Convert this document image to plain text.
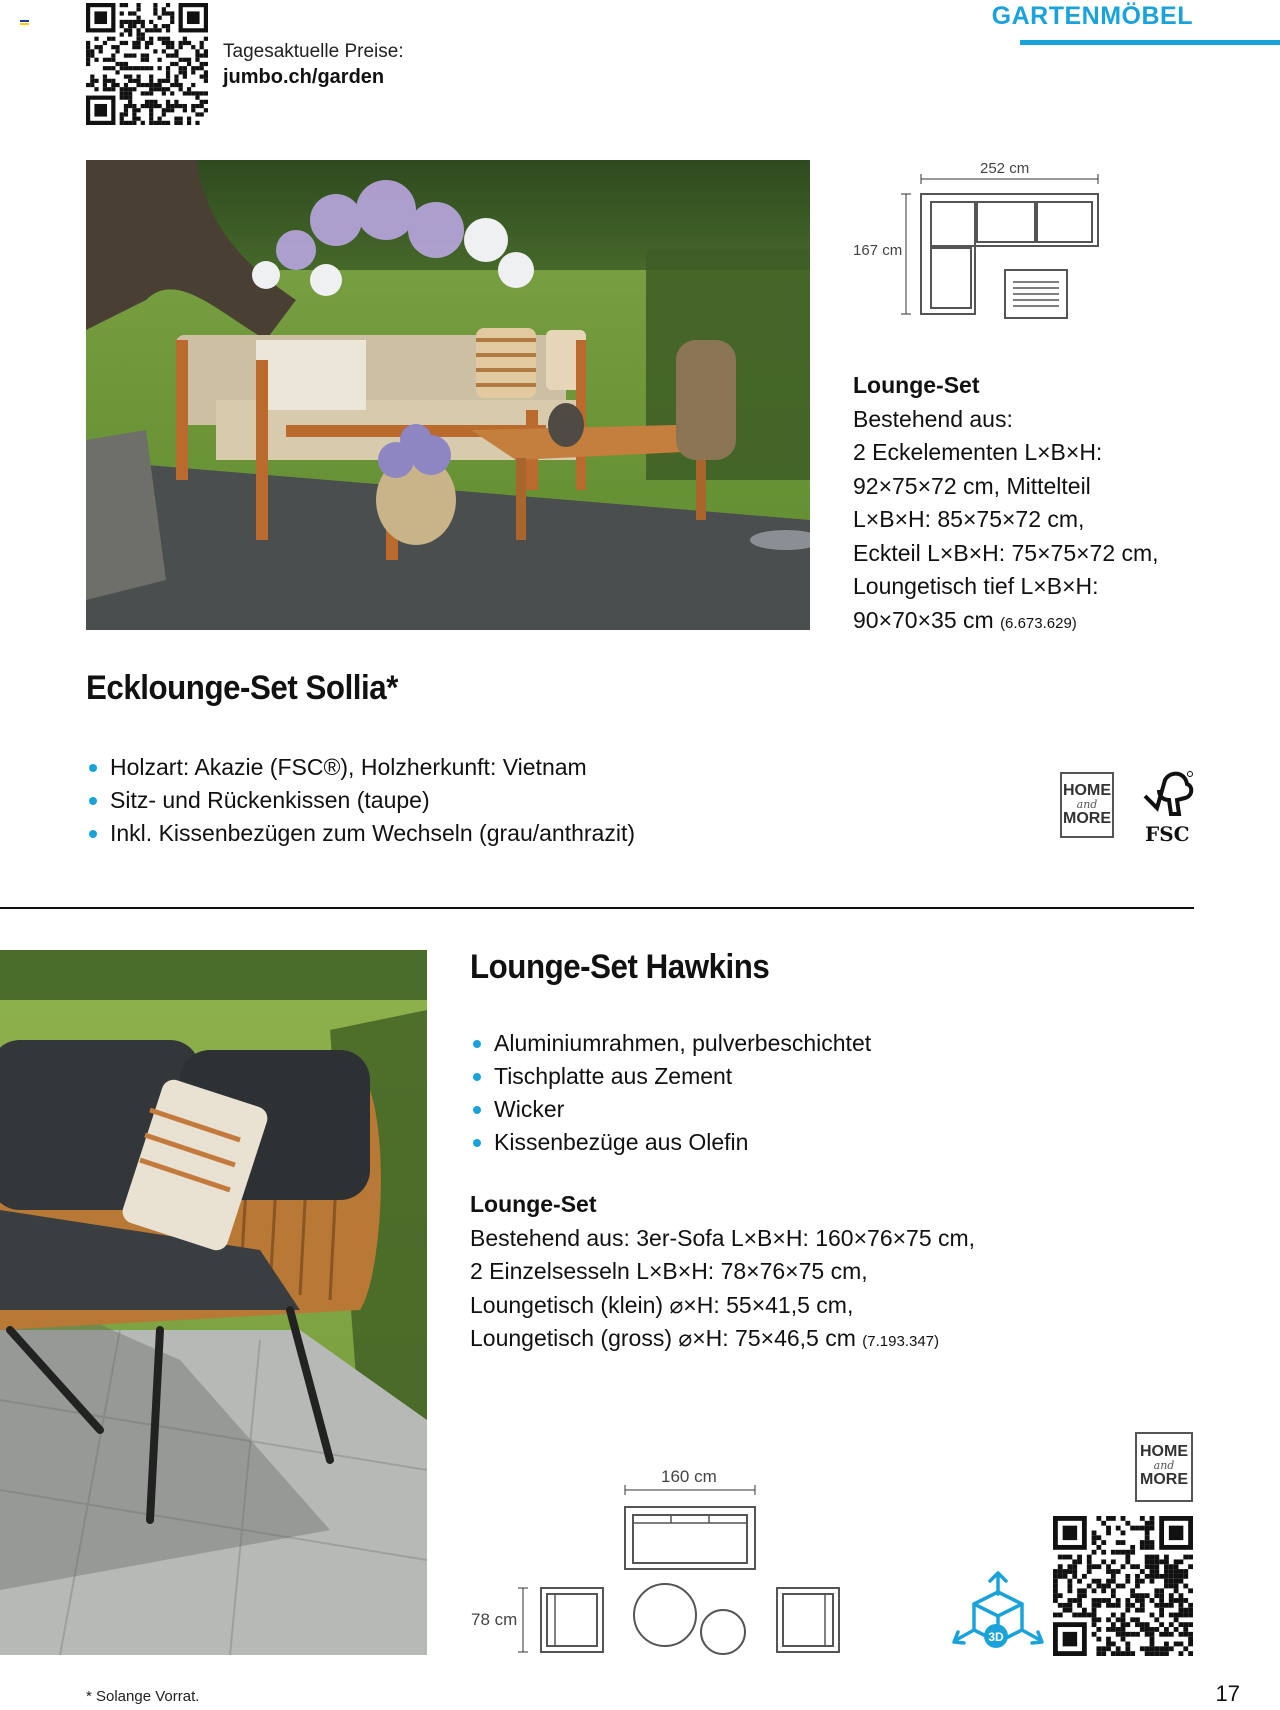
Tagesaktuelle Preise:
jumbo.ch/garden
GARTENMÖBEL
252 cm
167 cm
Lounge-Set
Bestehend aus:
2 Eckelementen L×B×H:
92×75×72 cm, Mittelteil
L×B×H: 85×75×72 cm,
Eckteil L×B×H: 75×75×72 cm,
Loungetisch tief L×B×H:
90×70×35 cm (6.673.629)
Ecklounge-Set Sollia*
Holzart: Akazie (FSC®), Holzherkunft: Vietnam
Sitz- und Rückenkissen (taupe)
Inkl. Kissenbezügen zum Wechseln (grau/anthrazit)
HOME
and
MORE
FSC
Lounge-Set Hawkins
Aluminiumrahmen, pulverbeschichtet
Tischplatte aus Zement
Wicker
Kissenbezüge aus Olefin
Lounge-Set
Bestehend aus: 3er-Sofa L×B×H: 160×76×75 cm,
2 Einzelsesseln L×B×H: 78×76×75 cm,
Loungetisch (klein) ⌀×H: 55×41,5 cm,
Loungetisch (gross) ⌀×H: 75×46,5 cm (7.193.347)
160 cm
78 cm
3D
HOME
and
MORE
* Solange Vorrat.	17
